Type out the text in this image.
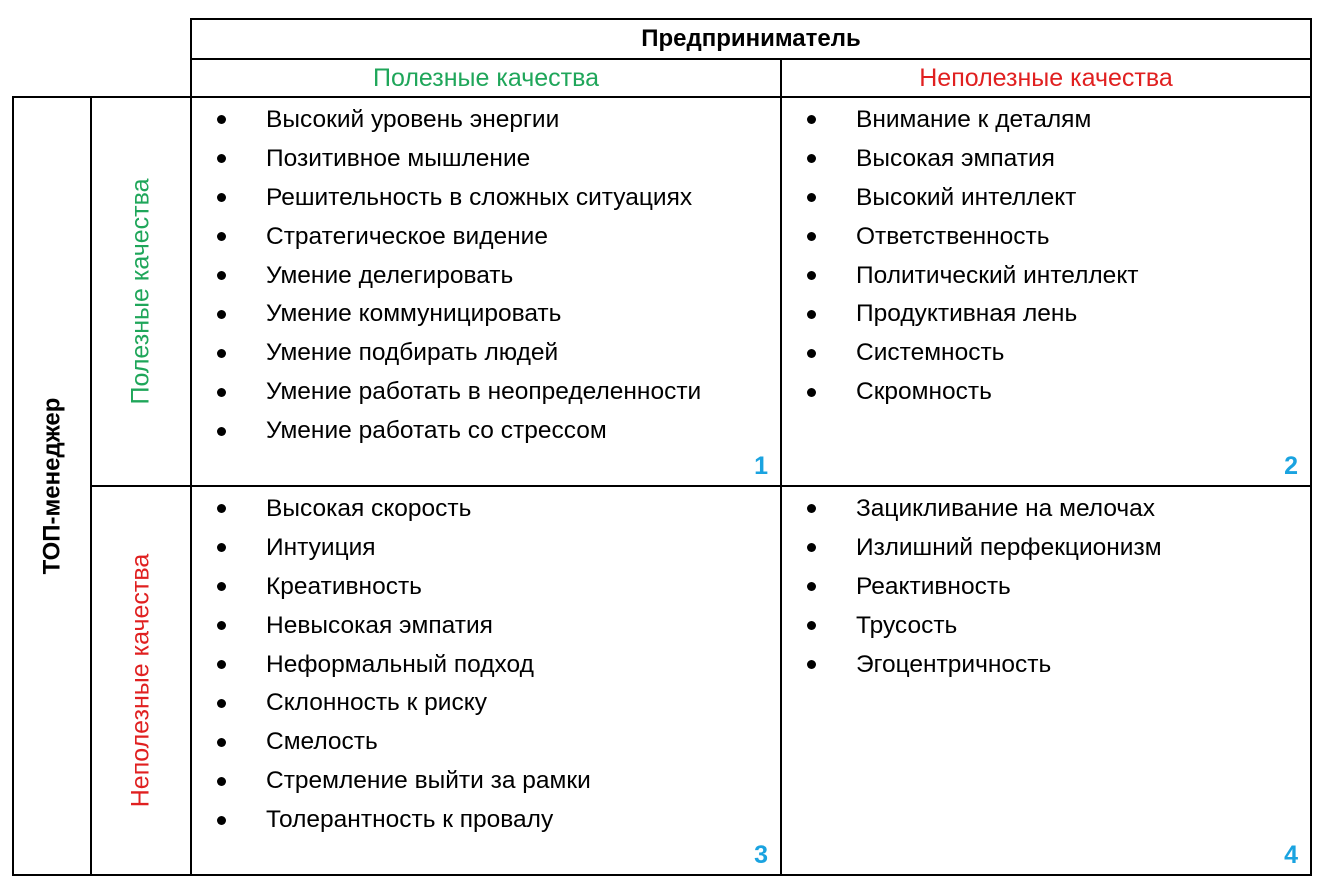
Предприниматель
Полезные качества	Неполезные качества
ТОП-менеджер
Полезные качества
Неполезные качества
Высокий уровень энергии
Позитивное мышление
Решительность в сложных ситуациях
Стратегическое видение
Умение делегировать
Умение коммуницировать
Умение подбирать людей
Умение работать в неопределенности
Умение работать со стрессом
1
Внимание к деталям
Высокая эмпатия
Высокий интеллект
Ответственность
Политический интеллект
Продуктивная лень
Системность
Скромность
2
Высокая скорость
Интуиция
Креативность
Невысокая эмпатия
Неформальный подход
Склонность к риску
Смелость
Стремление выйти за рамки
Толерантность к провалу
3
Зацикливание на мелочах
Излишний перфекционизм
Реактивность
Трусость
Эгоцентричность
4
